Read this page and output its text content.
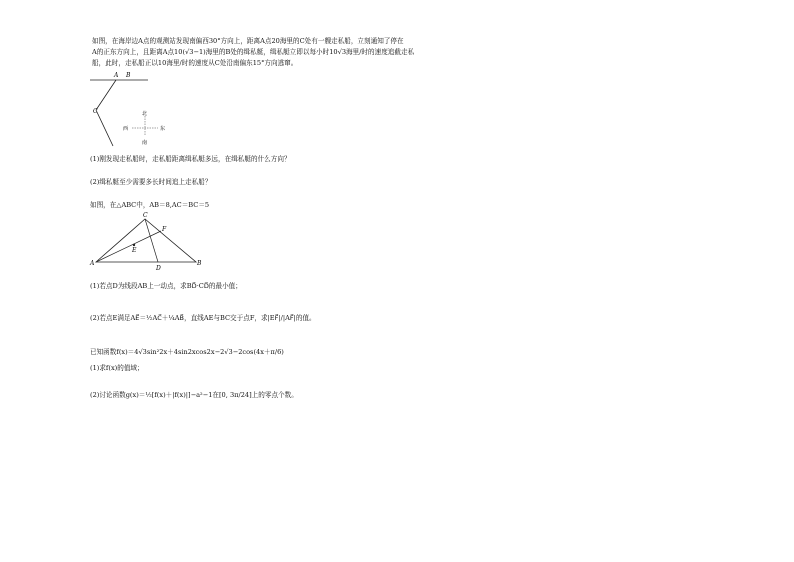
如图，在海岸边A点的观测站发现南偏西30°方向上，距离A点20海里的C处有一艘走私船，立刻通知了停在
A的正东方向上，且距离A点10(√3−1)海里的B处的缉私艇，缉私艇立即以每小时10√3海里/时的速度追截走私
船，此时，走私船正以10海里/时的速度从C处沿南偏东15°方向逃窜。
A B
C	北
南
西	东
(1)刚发现走私船时，走私船距离缉私艇多远，在缉私艇的什么方向？
(2)缉私艇至少需要多长时间追上走私船？
如图，在△ABC中，AB＝8,AC＝BC＝5
A	B
C
D
E
F
(1)若点D为线段AB上一动点，求BD⃗·CD⃗的最小值；
(2)若点E满足AE⃗＝½AC⃗＋¼AB⃗，直线AE与BC交于点F，求|EF⃗|/|AF⃗|的值。
已知函数f(x)＝4√3sin²2x＋4sin2xcos2x−2√3−2cos(4x＋π/6)
(1)求f(x)的值域；
(2)讨论函数g(x)＝½[f(x)＋|f(x)|]−a²−1在[0, 3π/24]上的零点个数。
